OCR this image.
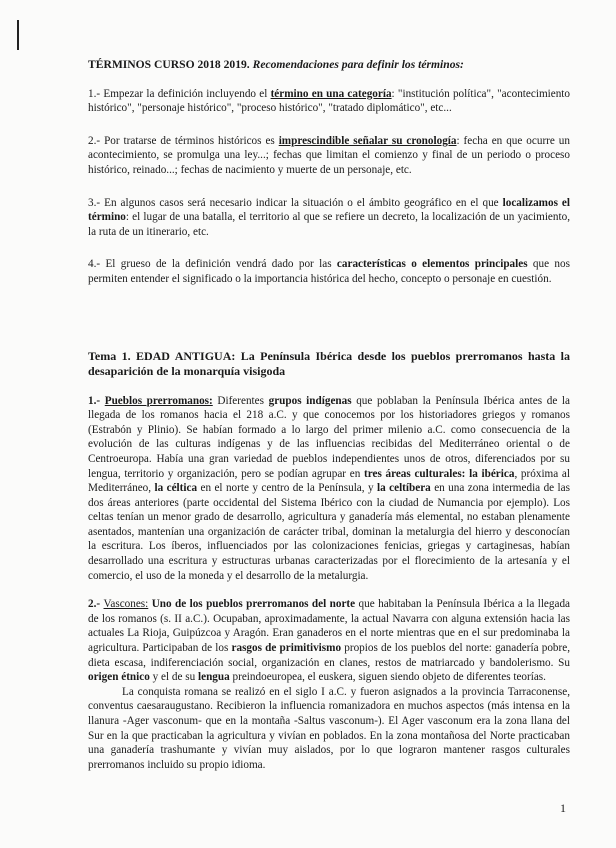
TÉRMINOS CURSO 2018 2019. Recomendaciones para definir los términos:

1.- Empezar la definición incluyendo el término en una categoría: "institución política", "acontecimiento histórico", "personaje histórico", "proceso histórico", "tratado diplomático", etc...

2.- Por tratarse de términos históricos es imprescindible señalar su cronología: fecha en que ocurre un acontecimiento, se promulga una ley...; fechas que limitan el comienzo y final de un periodo o proceso histórico, reinado...; fechas de nacimiento y muerte de un personaje, etc.

3.- En algunos casos será necesario indicar la situación o el ámbito geográfico en el que localizamos el término: el lugar de una batalla, el territorio al que se refiere un decreto, la localización de un yacimiento, la ruta de un itinerario, etc.

4.- El grueso de la definición vendrá dado por las características o elementos principales que nos permiten entender el significado o la importancia histórica del hecho, concepto o personaje en cuestión.

Tema 1. EDAD ANTIGUA: La Península Ibérica desde los pueblos prerromanos hasta la desaparición de la monarquía visigoda

1.- Pueblos prerromanos: Diferentes grupos indígenas que poblaban la Península Ibérica antes de la llegada de los romanos hacia el 218 a.C. y que conocemos por los historiadores griegos y romanos (Estrabón y Plinio). Se habían formado a lo largo del primer milenio a.C. como consecuencia de la evolución de las culturas indígenas y de las influencias recibidas del Mediterráneo oriental o de Centroeuropa. Había una gran variedad de pueblos independientes unos de otros, diferenciados por su lengua, territorio y organización, pero se podían agrupar en tres áreas culturales: la ibérica, próxima al Mediterráneo, la céltica en el norte y centro de la Península, y la celtíbera en una zona intermedia de las dos áreas anteriores (parte occidental del Sistema Ibérico con la ciudad de Numancia por ejemplo). Los celtas tenían un menor grado de desarrollo, agricultura y ganadería más elemental, no estaban plenamente asentados, mantenían una organización de carácter tribal, dominan la metalurgia del hierro y desconocían la escritura. Los íberos, influenciados por las colonizaciones fenicias, griegas y cartaginesas, habían desarrollado una escritura y estructuras urbanas caracterizadas por el florecimiento de la artesanía y el comercio, el uso de la moneda y el desarrollo de la metalurgia.

2.- Vascones: Uno de los pueblos prerromanos del norte que habitaban la Península Ibérica a la llegada de los romanos (s. II a.C.). Ocupaban, aproximadamente, la actual Navarra con alguna extensión hacia las actuales La Rioja, Guipúzcoa y Aragón. Eran ganaderos en el norte mientras que en el sur predominaba la agricultura. Participaban de los rasgos de primitivismo propios de los pueblos del norte: ganadería pobre, dieta escasa, indiferenciación social, organización en clanes, restos de matriarcado y bandolerismo. Su origen étnico y el de su lengua preindoeuropea, el euskera, siguen siendo objeto de diferentes teorías.
La conquista romana se realizó en el siglo I a.C. y fueron asignados a la provincia Tarraconense, conventus caesaraugustano. Recibieron la influencia romanizadora en muchos aspectos (más intensa en la llanura -Ager vasconum- que en la montaña -Saltus vasconum-). El Ager vasconum era la zona llana del Sur en la que practicaban la agricultura y vivían en poblados. En la zona montañosa del Norte practicaban una ganadería trashumante y vivían muy aislados, por lo que lograron mantener rasgos culturales prerromanos incluido su propio idioma.

1
